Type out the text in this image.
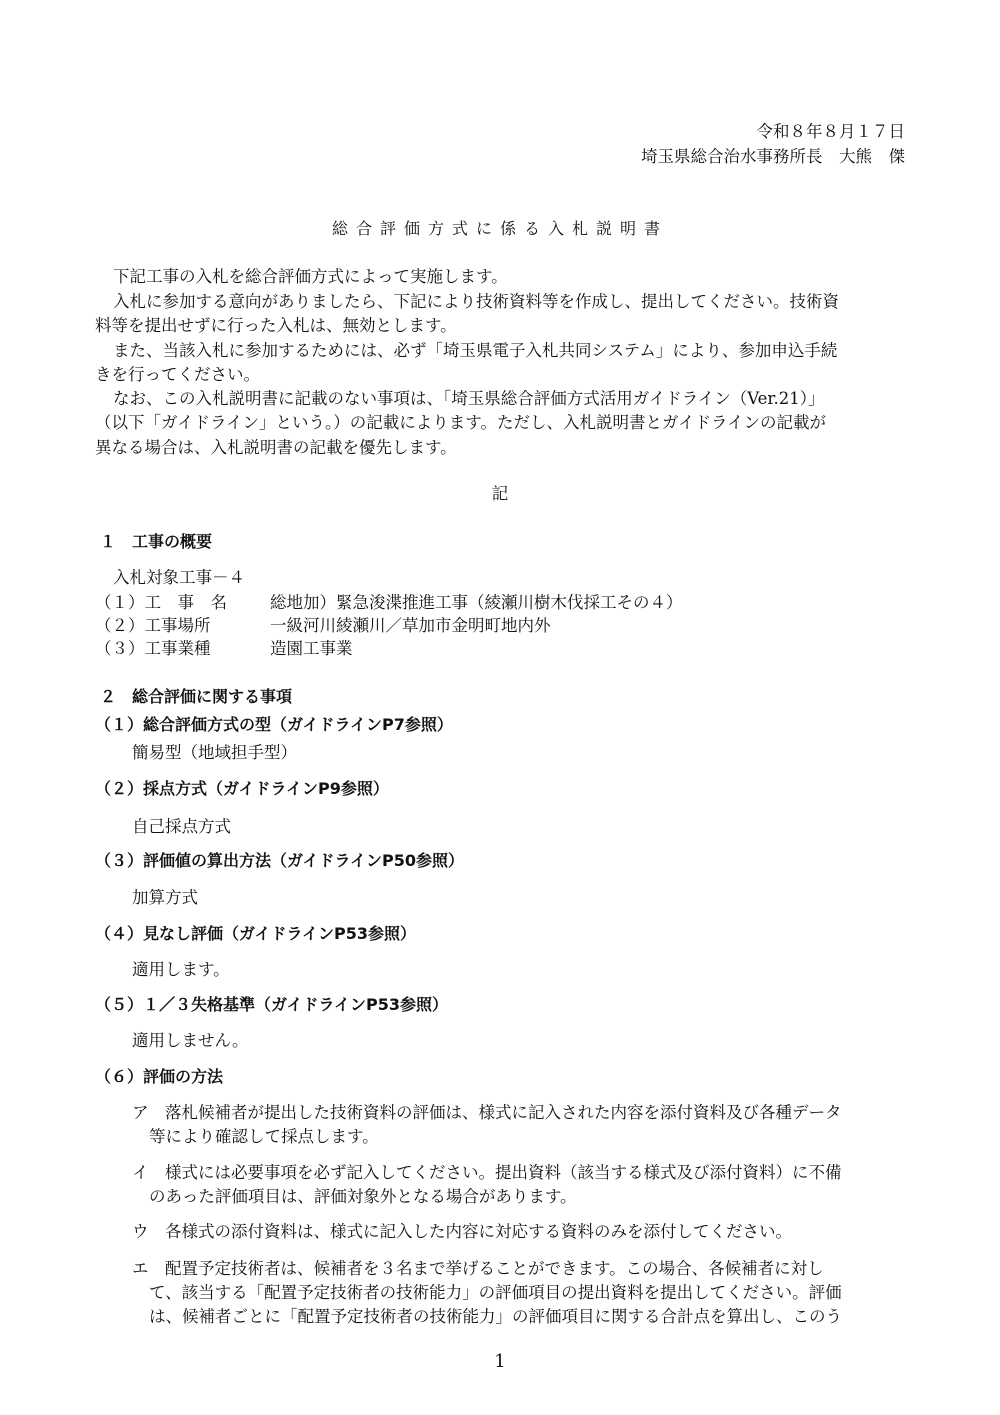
令和８年８月１７日
埼玉県総合治水事務所長　大熊　傑
総合評価方式に係る入札説明書
下記工事の入札を総合評価方式によって実施します。
入札に参加する意向がありましたら、下記により技術資料等を作成し、提出してください。技術資
料等を提出せずに行った入札は、無効とします。
また、当該入札に参加するためには、必ず「埼玉県電子入札共同システム」により、参加申込手続
きを行ってください。
なお、この入札説明書に記載のない事項は、「埼玉県総合評価方式活用ガイドライン（Ver.21）」
（以下「ガイドライン」という。）の記載によります。ただし、入札説明書とガイドラインの記載が
異なる場合は、入札説明書の記載を優先します。
記
１　工事の概要
入札対象工事－４
（１）工　事　名	総地加）緊急浚渫推進工事（綾瀬川樹木伐採工その４）
（２）工事場所	一級河川綾瀬川／草加市金明町地内外
（３）工事業種	造園工事業
２　総合評価に関する事項
（１）総合評価方式の型（ガイドラインP7参照）
簡易型（地域担手型）
（２）採点方式（ガイドラインP9参照）
自己採点方式
（３）評価値の算出方法（ガイドラインP50参照）
加算方式
（４）見なし評価（ガイドラインP53参照）
適用します。
（５）１／３失格基準（ガイドラインP53参照）
適用しません。
（６）評価の方法
ア　落札候補者が提出した技術資料の評価は、様式に記入された内容を添付資料及び各種データ
等により確認して採点します。
イ　様式には必要事項を必ず記入してください。提出資料（該当する様式及び添付資料）に不備
のあった評価項目は、評価対象外となる場合があります。
ウ　各様式の添付資料は、様式に記入した内容に対応する資料のみを添付してください。
エ　配置予定技術者は、候補者を３名まで挙げることができます。この場合、各候補者に対し
て、該当する「配置予定技術者の技術能力」の評価項目の提出資料を提出してください。評価
は、候補者ごとに「配置予定技術者の技術能力」の評価項目に関する合計点を算出し、このう
1
